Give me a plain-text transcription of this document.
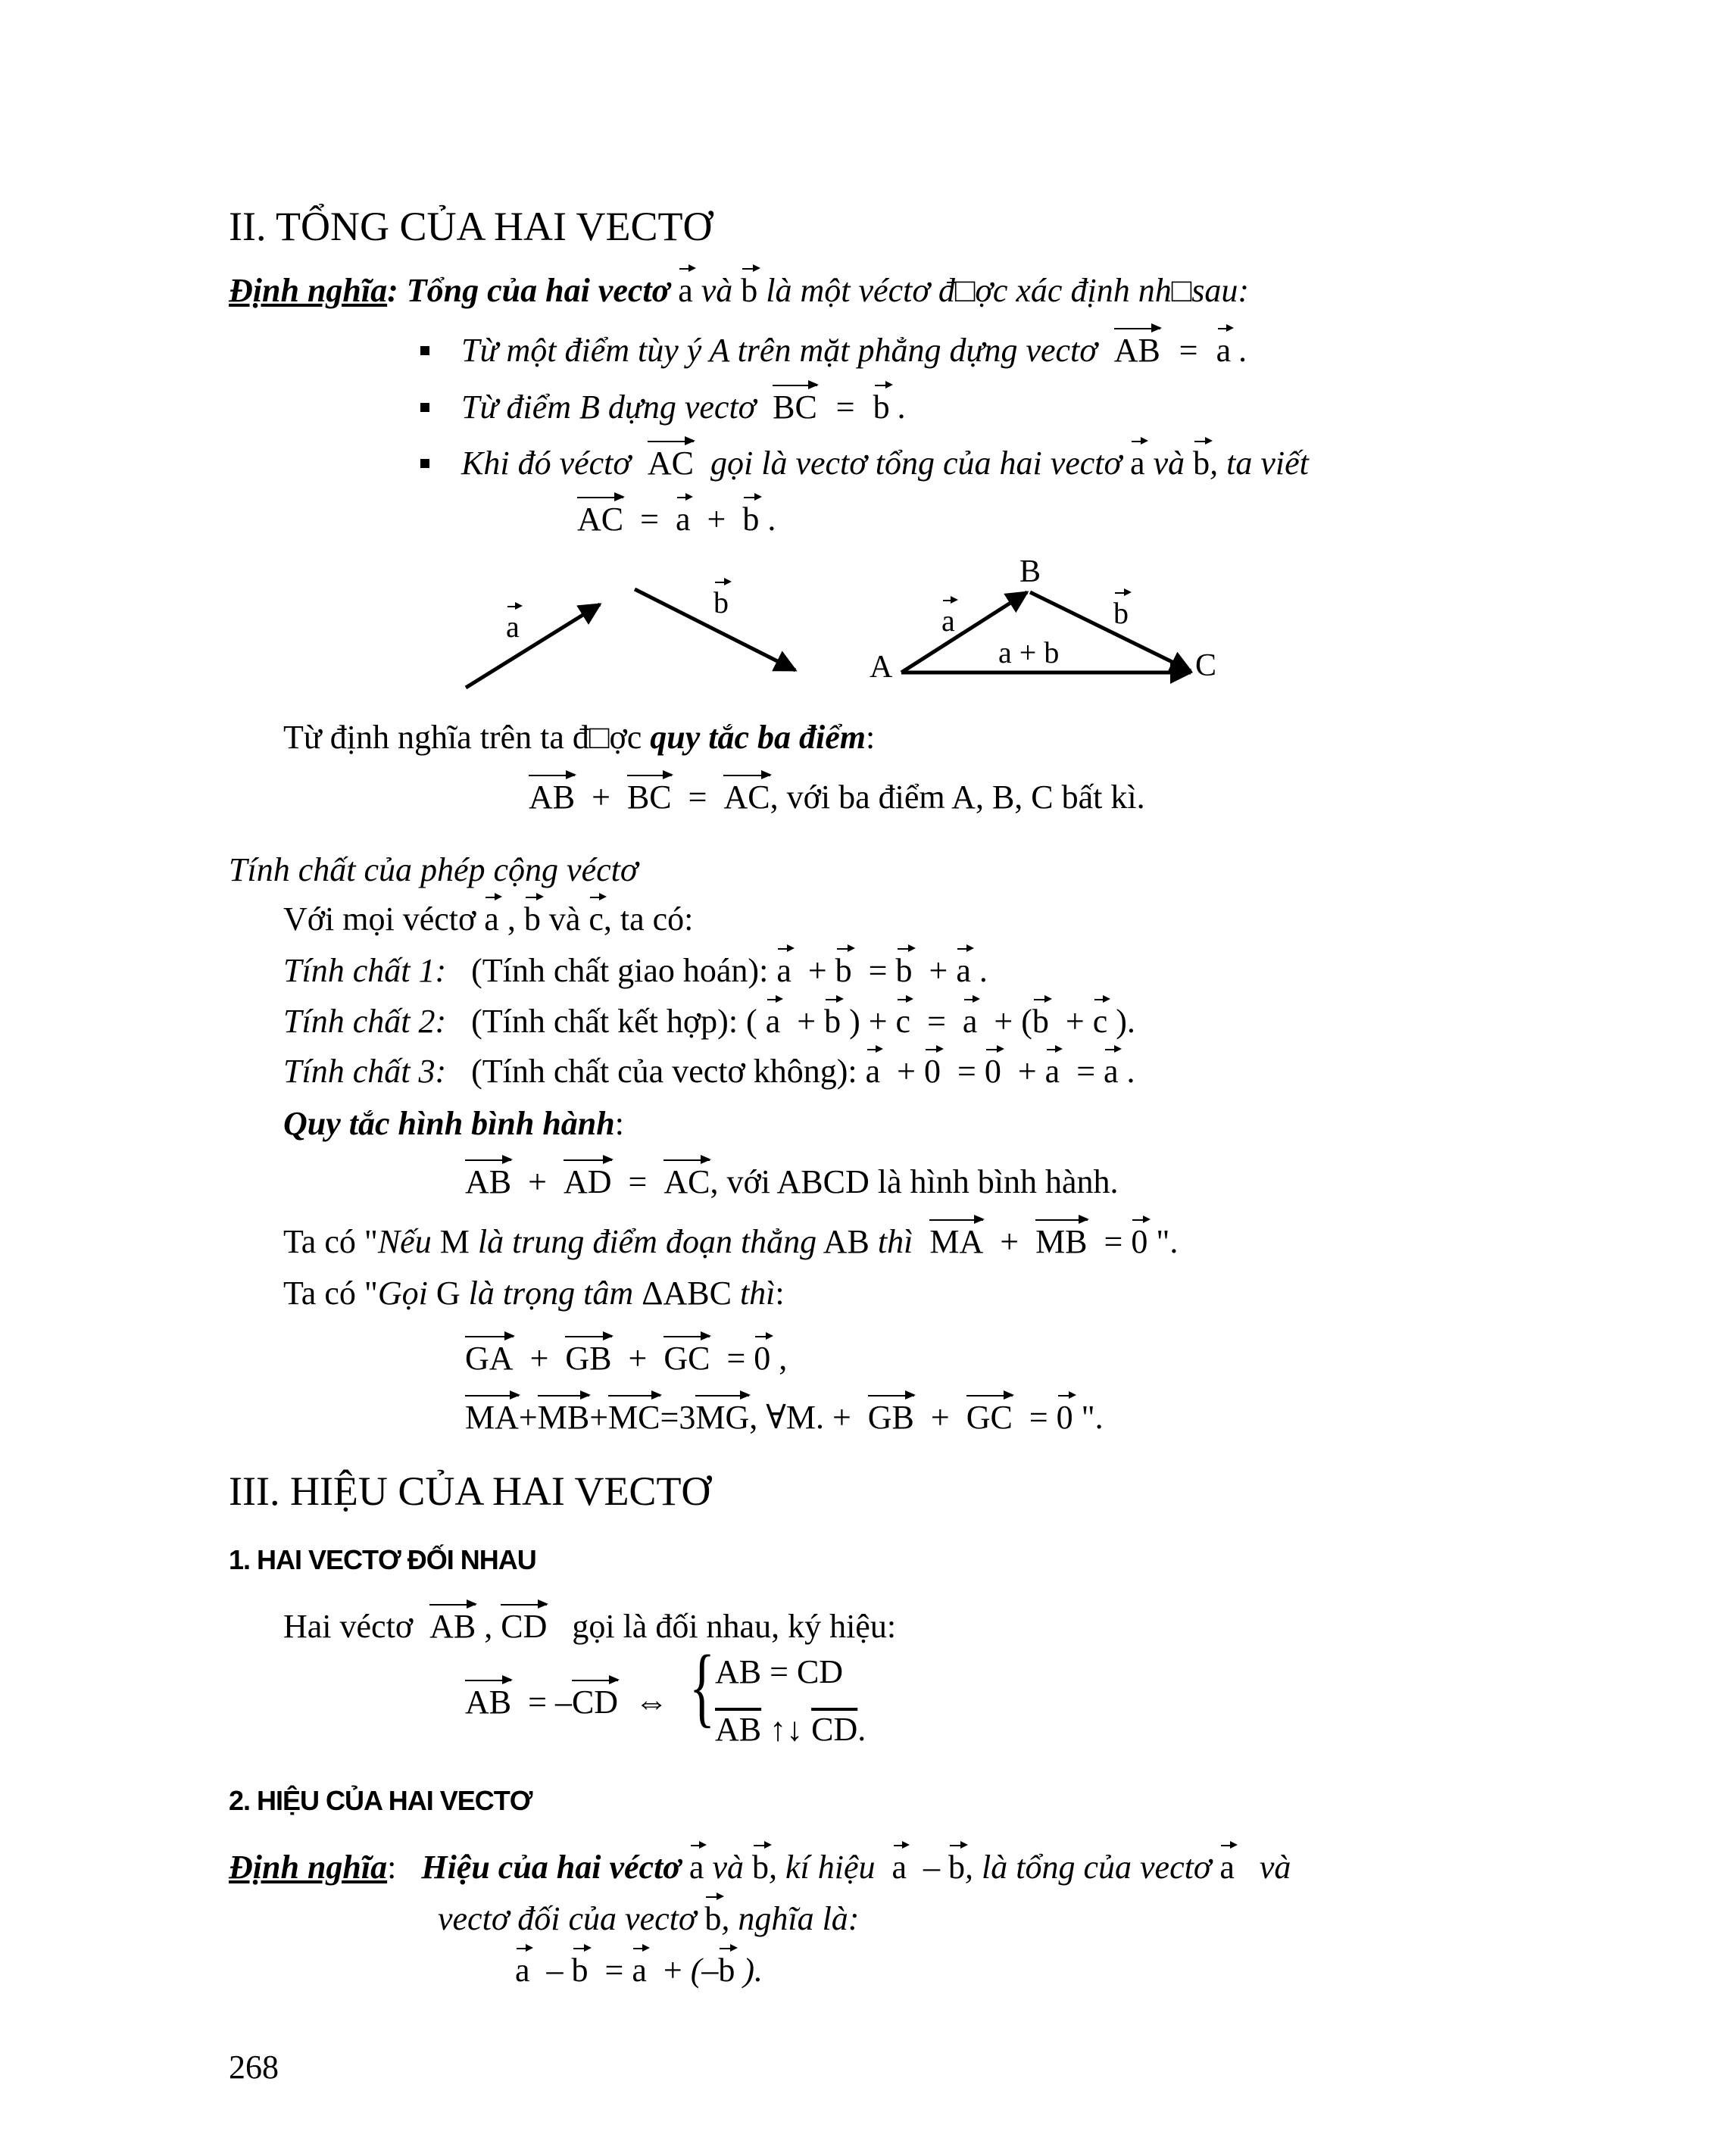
II. TỔNG CỦA HAI VECTƠ
Định nghĩa: Tổng của hai vectơ a và b là một véctơ đ□ợc xác định nh□sau:
Từ một điểm tùy ý A trên mặt phẳng dựng vectơ AB  =  a .
Từ điểm B dựng vectơ BC  =  b .
Khi đó véctơ AC gọi là vectơ tổng của hai vectơ a và b, ta viết
AC  =  a  +  b .
a
b
B
a	b
a + b
A	C
Từ định nghĩa trên ta đ□ợc quy tắc ba điểm:
AB  +  BC  =  AC, với ba điểm A, B, C bất kì.
Tính chất của phép cộng véctơ
Với mọi véctơ a , b và c, ta có:
Tính chất 1: (Tính chất giao hoán): a  + b  = b  + a .
Tính chất 2: (Tính chất kết hợp): ( a  + b ) + c  =  a  + (b  + c ).
Tính chất 3: (Tính chất của vectơ không): a  + 0  = 0  + a  = a .
Quy tắc hình bình hành:
AB  +  AD  =  AC, với ABCD là hình bình hành.
Ta có "Nếu M là trung điểm đoạn thẳng AB thì MA  +  MB  = 0 ".
Ta có "Gọi G là trọng tâm ΔABC thì:
GA  +  GB  +  GC  = 0 ,
MA+MB+MC=3MG, ∀M. + GB  +  GC  = 0 ".
III. HIỆU CỦA HAI VECTƠ
1. HAI VECTƠ ĐỐI NHAU
Hai véctơ AB , CD gọi là đối nhau, ký hiệu:
AB  = –CD  ⇔ { AB = CD
$\overline{AB}$ ↑↓ $\overline{CD}$.
2. HIỆU CỦA HAI VECTƠ
Định nghĩa:   Hiệu của hai véctơ a và b, kí hiệu a  – b, là tổng của vectơ a và
vectơ đối của vectơ b, nghĩa là:
a  – b  = a  + (–b ).
268
